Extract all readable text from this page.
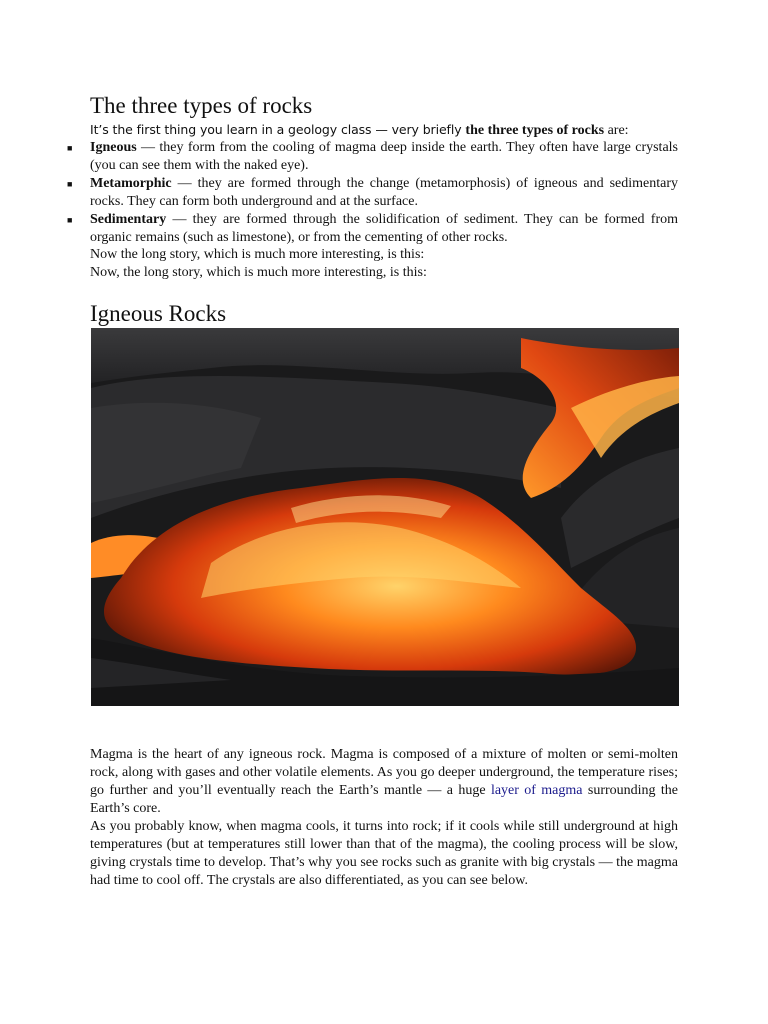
The three types of rocks
It’s the first thing you learn in a geology class — very briefly the three types of rocks are:
■ Igneous — they form from the cooling of magma deep inside the earth. They often have large crystals (you can see them with the naked eye).
■ Metamorphic — they are formed through the change (metamorphosis) of igneous and sedimentary rocks. They can form both underground and at the surface.
■ Sedimentary — they are formed through the solidification of sediment. They can be formed from organic remains (such as limestone), or from the cementing of other rocks.
Now the long story, which is much more interesting, is this:
Now, the long story, which is much more interesting, is this:
Igneous Rocks

Magma is the heart of any igneous rock. Magma is composed of a mixture of molten or semi-molten rock, along with gases and other volatile elements. As you go deeper underground, the temperature rises; go further and you’ll eventually reach the Earth’s mantle — a huge layer of magma surrounding the Earth’s core.

As you probably know, when magma cools, it turns into rock; if it cools while still underground at high temperatures (but at temperatures still lower than that of the magma), the cooling process will be slow, giving crystals time to develop. That’s why you see rocks such as granite with big crystals — the magma had time to cool off. The crystals are also differentiated, as you can see below.
